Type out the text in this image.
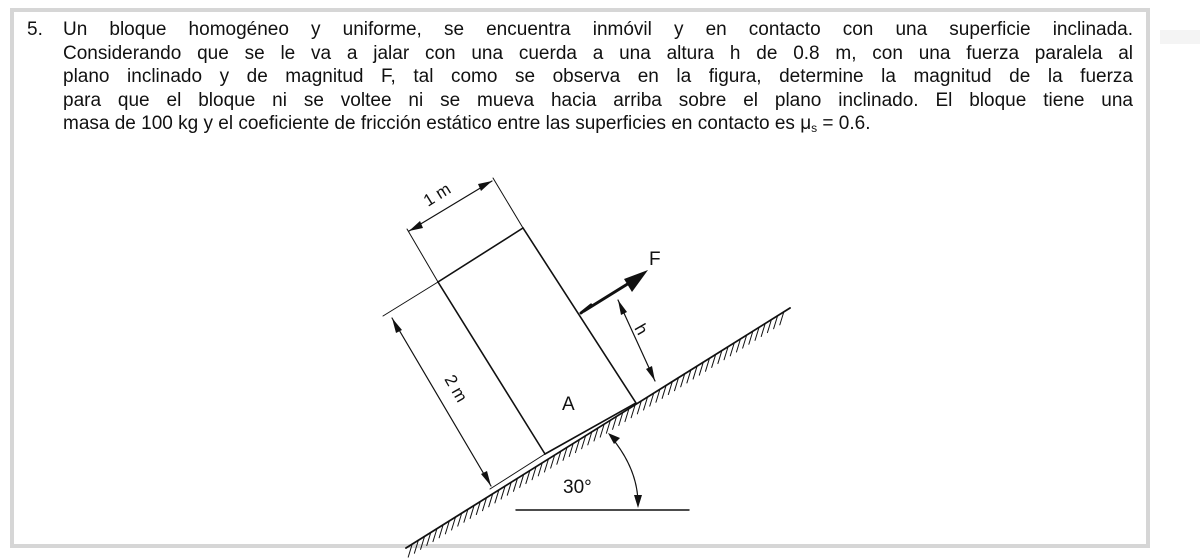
5. Un bloque homogéneo y uniforme, se encuentra inmóvil y en contacto con una superficie inclinada.
Considerando que se le va a jalar con una cuerda a una altura h de 0.8 m, con una fuerza paralela al
plano inclinado y de magnitud F, tal como se observa en la figura, determine la magnitud de la fuerza
para que el bloque ni se voltee ni se mueva hacia arriba sobre el plano inclinado. El bloque tiene una
masa de 100 kg y el coeficiente de fricción estático entre las superficies en contacto es μs = 0.6.
1 m
2 m
F
h
A
30°
